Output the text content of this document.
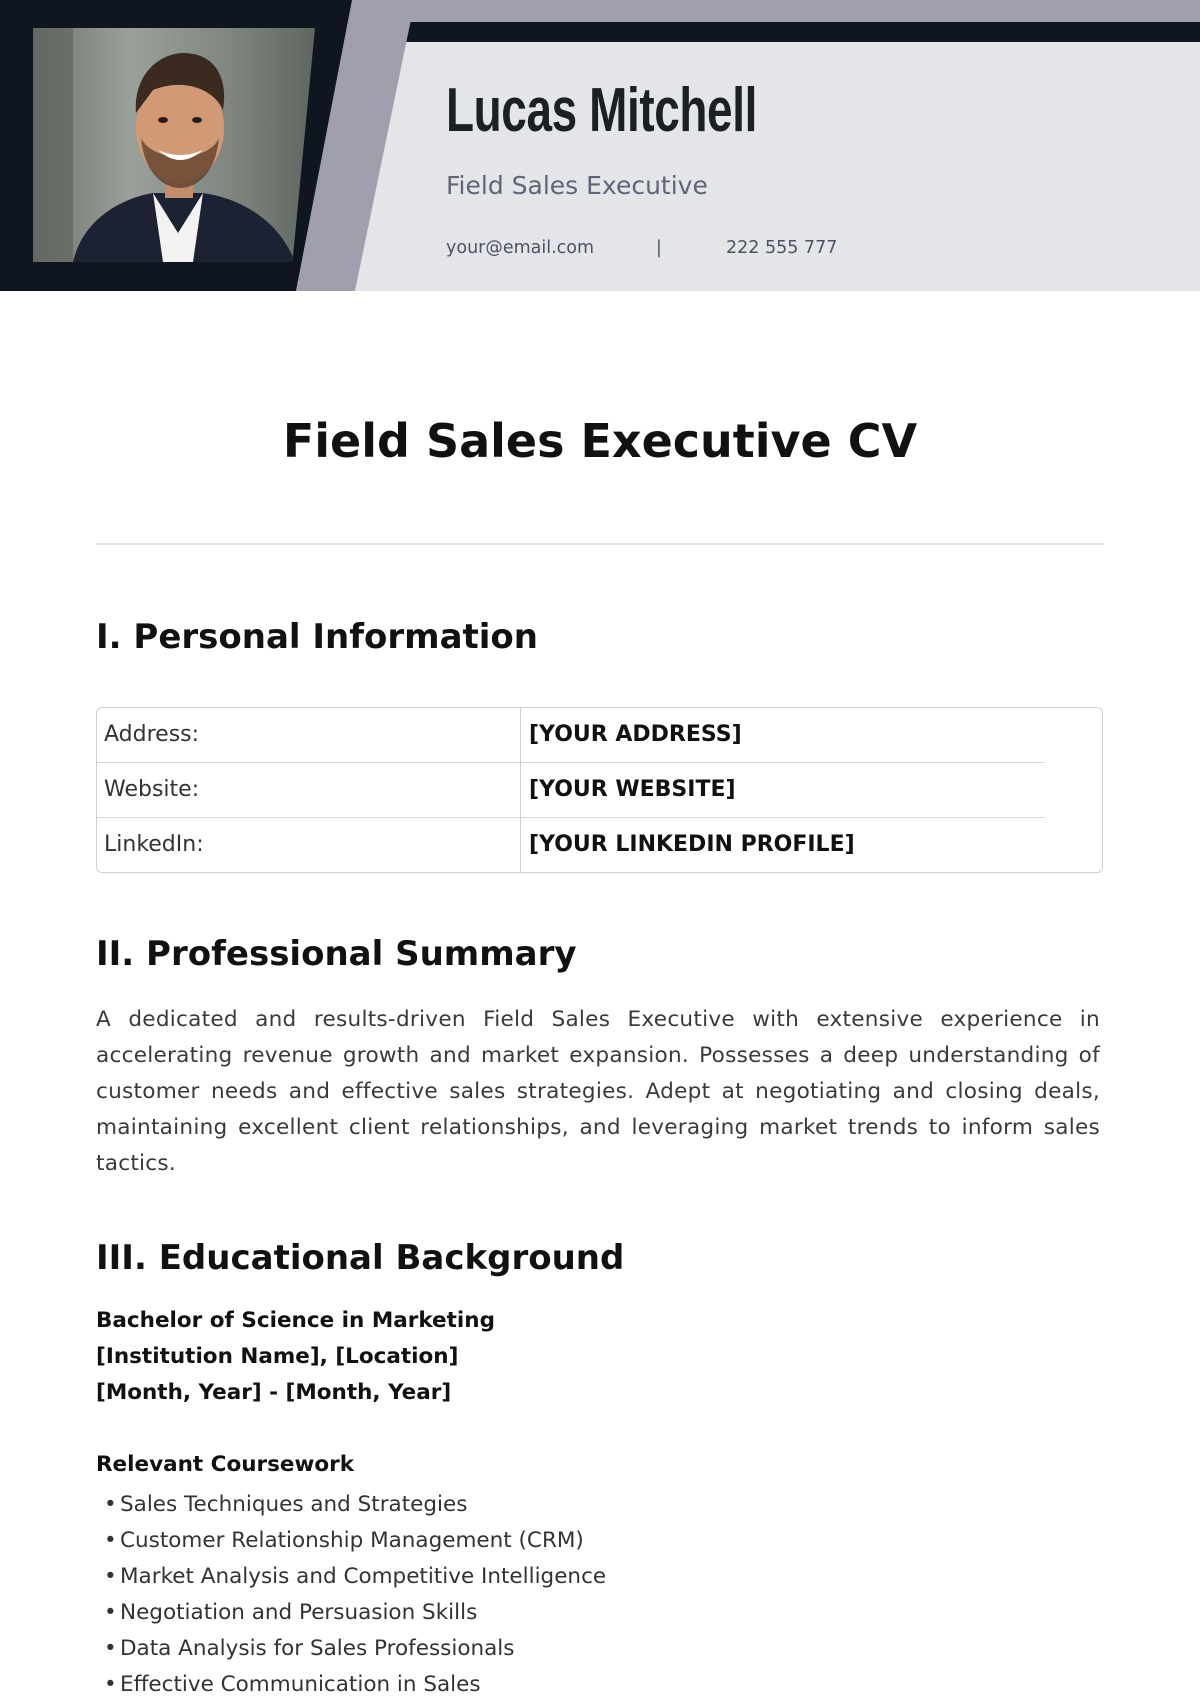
Lucas Mitchell
Field Sales Executive
your@email.com	|	222 555 777
Field Sales Executive CV
I. Personal Information
Address:	[YOUR ADDRESS]
Website:	[YOUR WEBSITE]
LinkedIn:	[YOUR LINKEDIN PROFILE]
II. Professional Summary

A dedicated and results-driven Field Sales Executive with extensive experience in accelerating revenue growth and market expansion. Possesses a deep understanding of customer needs and effective sales strategies. Adept at negotiating and closing deals, maintaining excellent client relationships, and leveraging market trends to inform sales tactics.

III. Educational Background
Bachelor of Science in Marketing
[Institution Name], [Location]
[Month, Year] - [Month, Year]
Relevant Coursework
• Sales Techniques and Strategies
• Customer Relationship Management (CRM)
• Market Analysis and Competitive Intelligence
• Negotiation and Persuasion Skills
• Data Analysis for Sales Professionals
• Effective Communication in Sales
